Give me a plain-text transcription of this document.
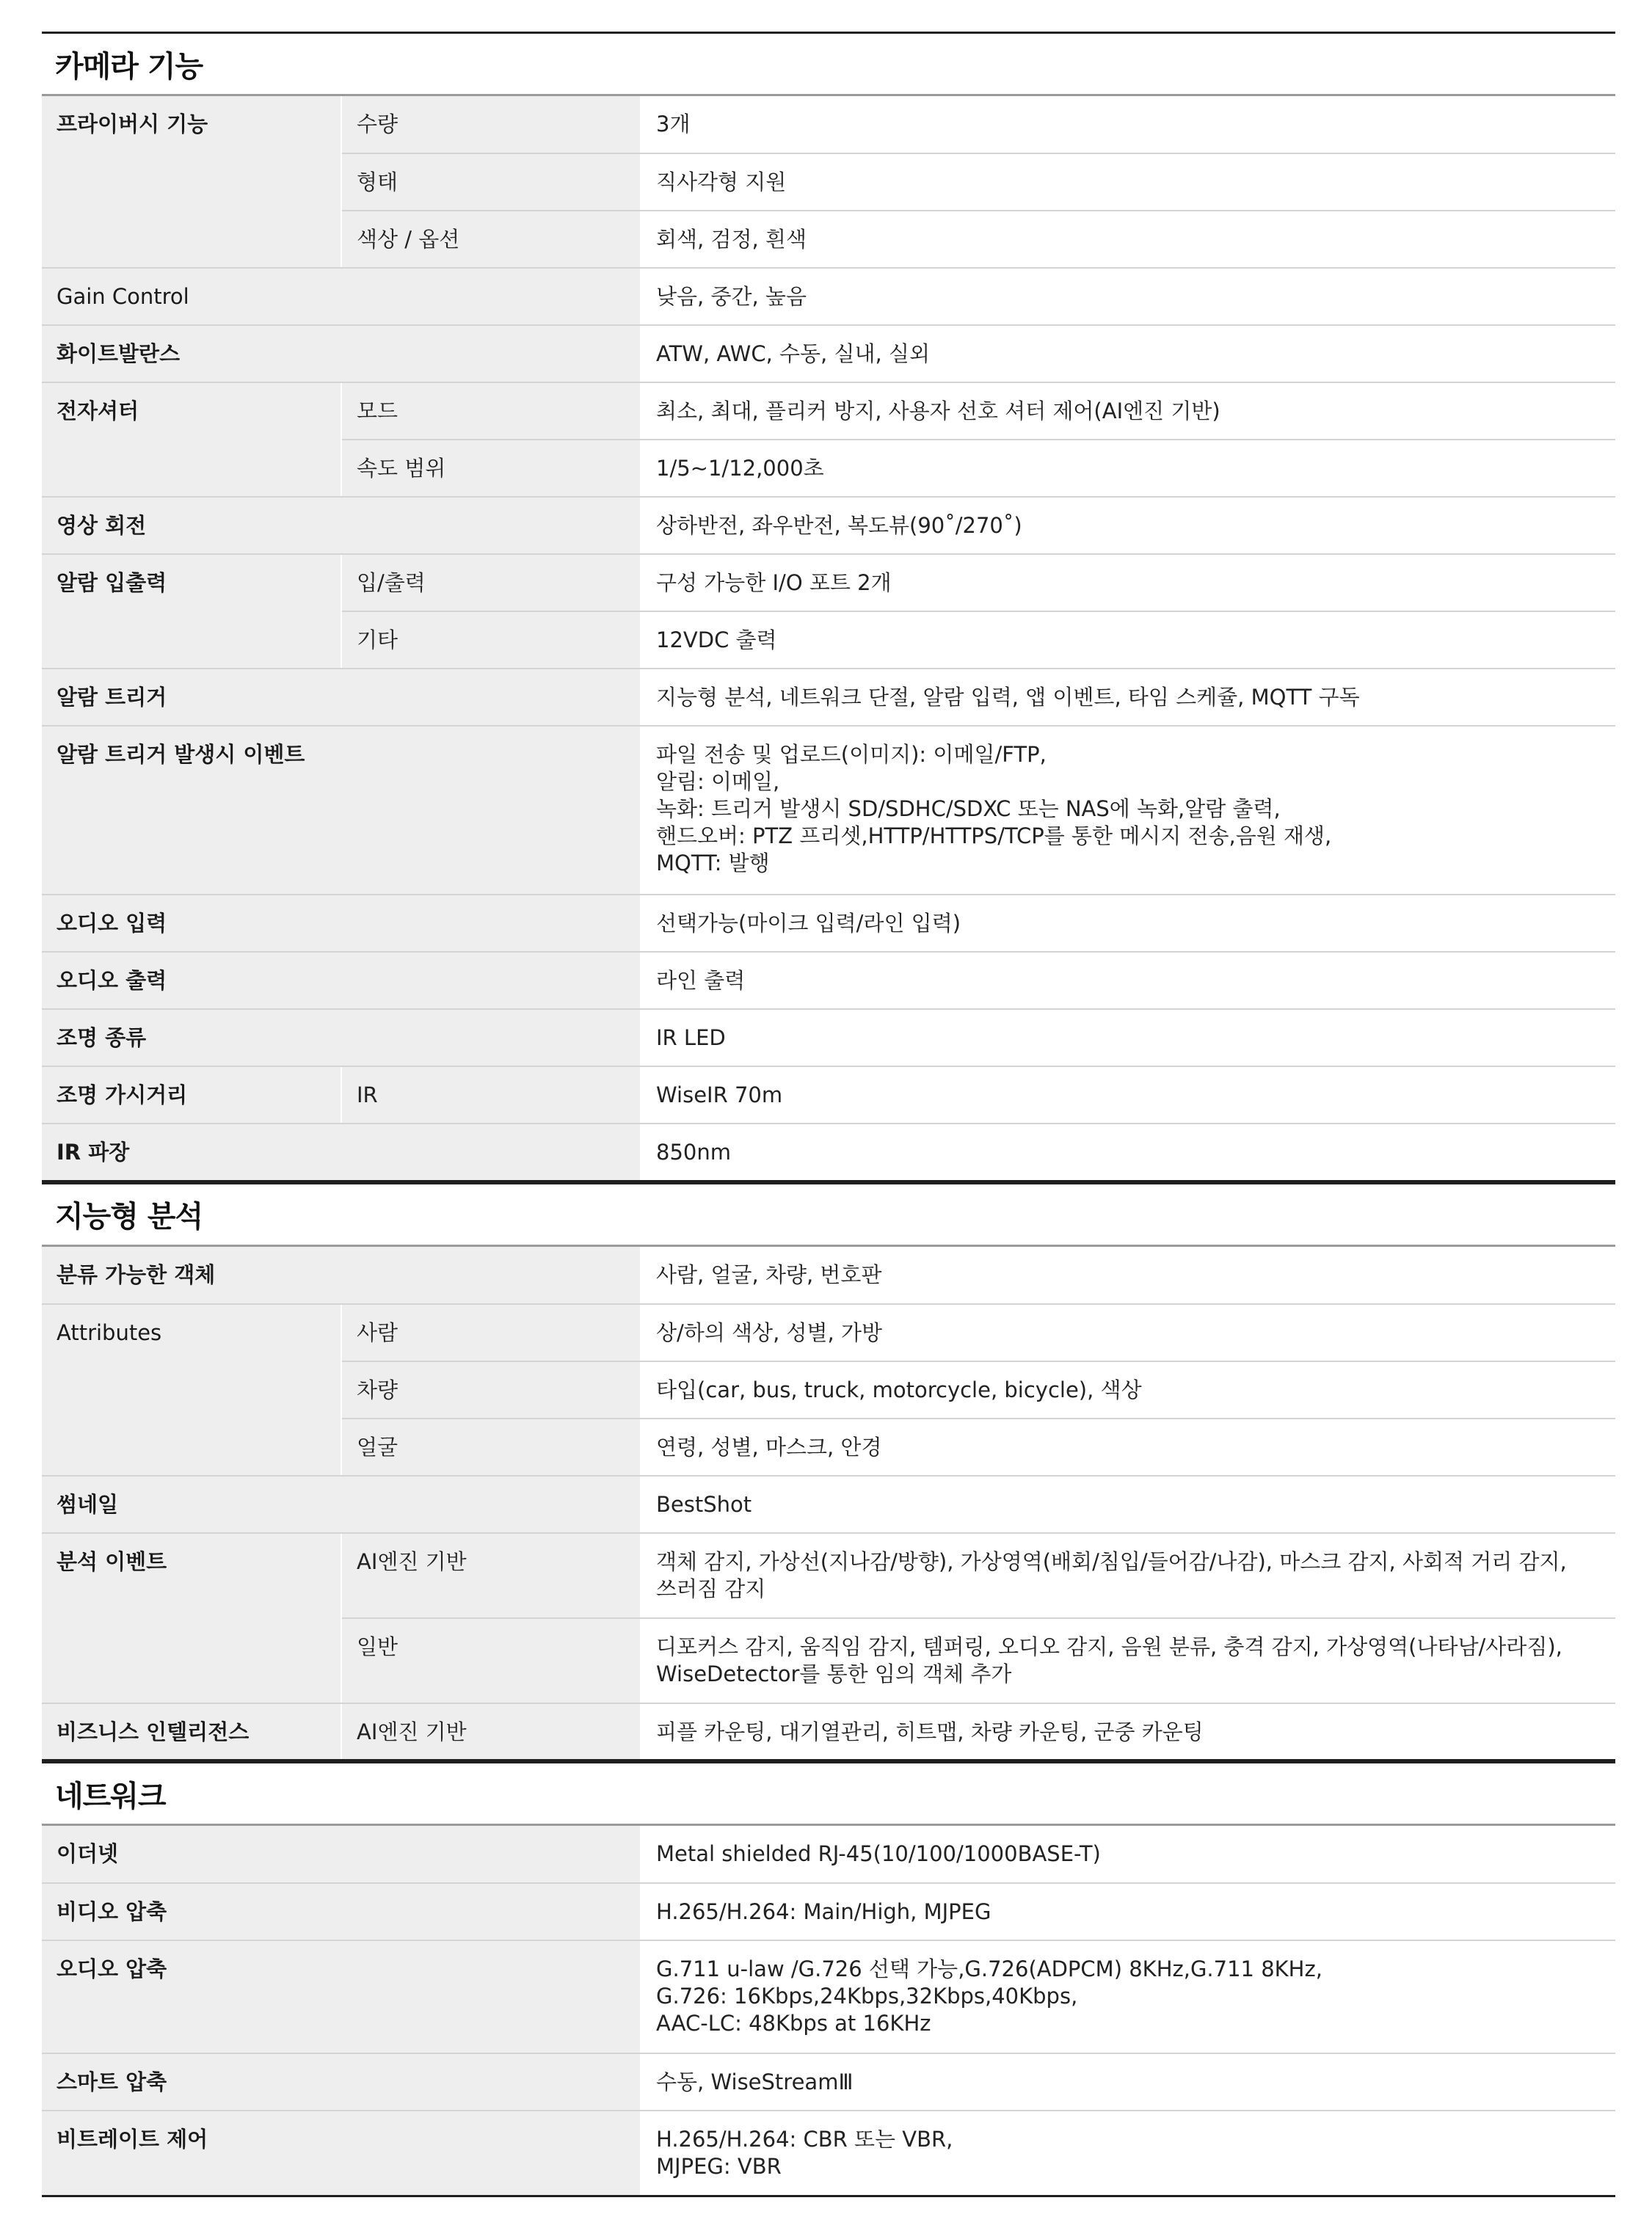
카메라 기능
프라이버시 기능	수량	3개
	형태	직사각형 지원
	색상 / 옵션	회색, 검정, 흰색
Gain Control		낮음, 중간, 높음
화이트발란스		ATW, AWC, 수동, 실내, 실외
전자셔터	모드	최소, 최대, 플리커 방지, 사용자 선호 셔터 제어(AI엔진 기반)
	속도 범위	1/5~1/12,000초
영상 회전		상하반전, 좌우반전, 복도뷰(90˚/270˚)
알람 입출력	입/출력	구성 가능한 I/O 포트 2개
	기타	12VDC 출력
알람 트리거		지능형 분석, 네트워크 단절, 알람 입력, 앱 이벤트, 타임 스케쥴, MQTT 구독
알람 트리거 발생시 이벤트		파일 전송 및 업로드(이미지): 이메일/FTP,
알림: 이메일,
녹화: 트리거 발생시 SD/SDHC/SDXC 또는 NAS에 녹화,알람 출력,
핸드오버: PTZ 프리셋,HTTP/HTTPS/TCP를 통한 메시지 전송,음원 재생,
MQTT: 발행
오디오 입력		선택가능(마이크 입력/라인 입력)
오디오 출력		라인 출력
조명 종류		IR LED
조명 가시거리	IR	WiseIR 70m
IR 파장		850nm
지능형 분석
분류 가능한 객체		사람, 얼굴, 차량, 번호판
Attributes	사람	상/하의 색상, 성별, 가방
	차량	타입(car, bus, truck, motorcycle, bicycle), 색상
	얼굴	연령, 성별, 마스크, 안경
썸네일		BestShot
분석 이벤트	AI엔진 기반	객체 감지, 가상선(지나감/방향), 가상영역(배회/침입/들어감/나감), 마스크 감지, 사회적 거리 감지,
쓰러짐 감지
	일반	디포커스 감지, 움직임 감지, 템퍼링, 오디오 감지, 음원 분류, 충격 감지, 가상영역(나타남/사라짐),
WiseDetector를 통한 임의 객체 추가
비즈니스 인텔리전스	AI엔진 기반	피플 카운팅, 대기열관리, 히트맵, 차량 카운팅, 군중 카운팅
네트워크
이더넷	Metal shielded RJ-45(10/100/1000BASE-T)
비디오 압축	H.265/H.264: Main/High, MJPEG
오디오 압축	G.711 u-law /G.726 선택 가능,G.726(ADPCM) 8KHz,G.711 8KHz,
G.726: 16Kbps,24Kbps,32Kbps,40Kbps,
AAC-LC: 48Kbps at 16KHz
스마트 압축	수동, WiseStreamⅢ
비트레이트 제어	H.265/H.264: CBR 또는 VBR,
MJPEG: VBR
